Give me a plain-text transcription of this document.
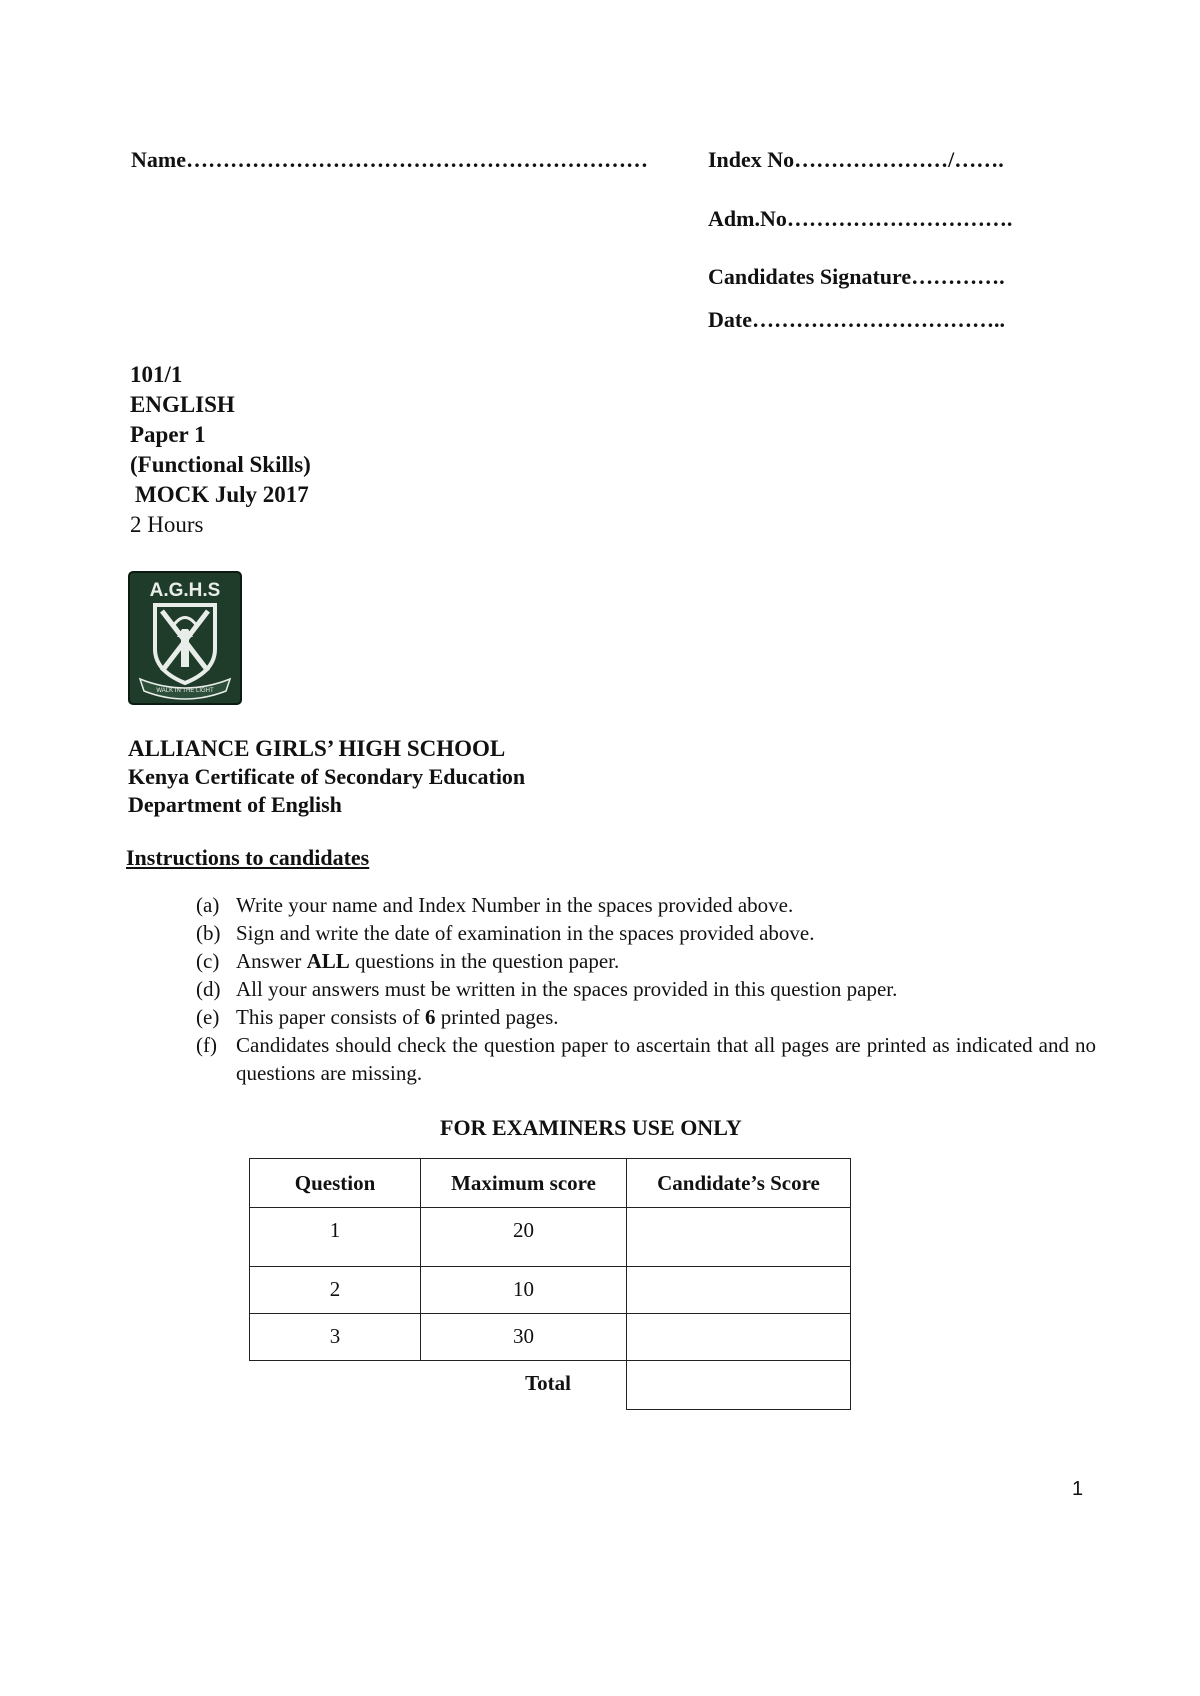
Name………………………………………………………	Index No…………………/…….
Adm.No………………………….
Candidates Signature………….
Date……………………………..
101/1
ENGLISH
Paper 1
(Functional Skills)
MOCK July 2017
2 Hours
A.G.H.S
WALK IN THE LIGHT
ALLIANCE GIRLS’ HIGH SCHOOL
Kenya Certificate of Secondary Education
Department of English
Instructions to candidates
(a) Write your name and Index Number in the spaces provided above.
(b) Sign and write the date of examination in the spaces provided above.
(c) Answer ALL questions in the question paper.
(d) All your answers must be written in the spaces provided in this question paper.
(e) This paper consists of 6 printed pages.
(f) Candidates should check the question paper to ascertain that all pages are printed as indicated and no questions are missing.
FOR EXAMINERS USE ONLY
Question	Maximum score	Candidate’s Score

1	20	

2	10	

3	30	

Total		

1
